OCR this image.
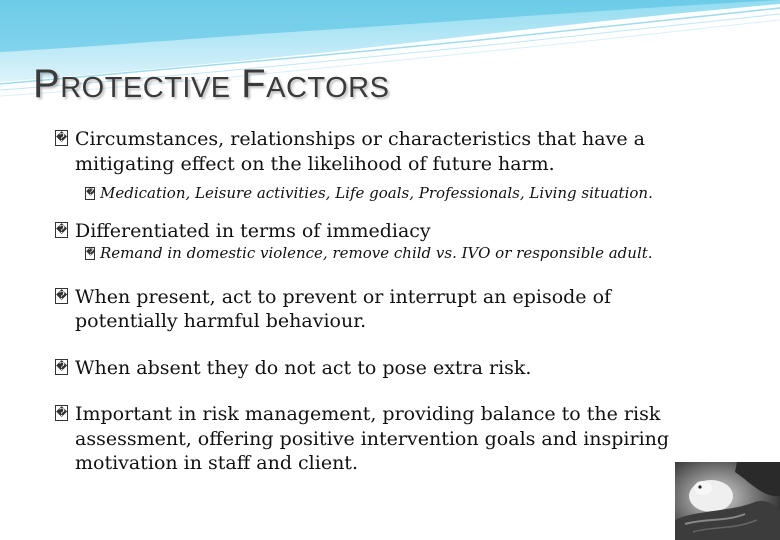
PROTECTIVE FACTORS
� Circumstances, relationships or characteristics that have a mitigating effect on the likelihood of future harm.
� Medication, Leisure activities, Life goals, Professionals, Living situation.
� Differentiated in terms of immediacy
� Remand in domestic violence, remove child vs. IVO or responsible adult.
� When present, act to prevent or interrupt an episode of potentially harmful behaviour.
� When absent they do not act to pose extra risk.
� Important in risk management, providing balance to the risk assessment, offering positive intervention goals and inspiring motivation in staff and client.
